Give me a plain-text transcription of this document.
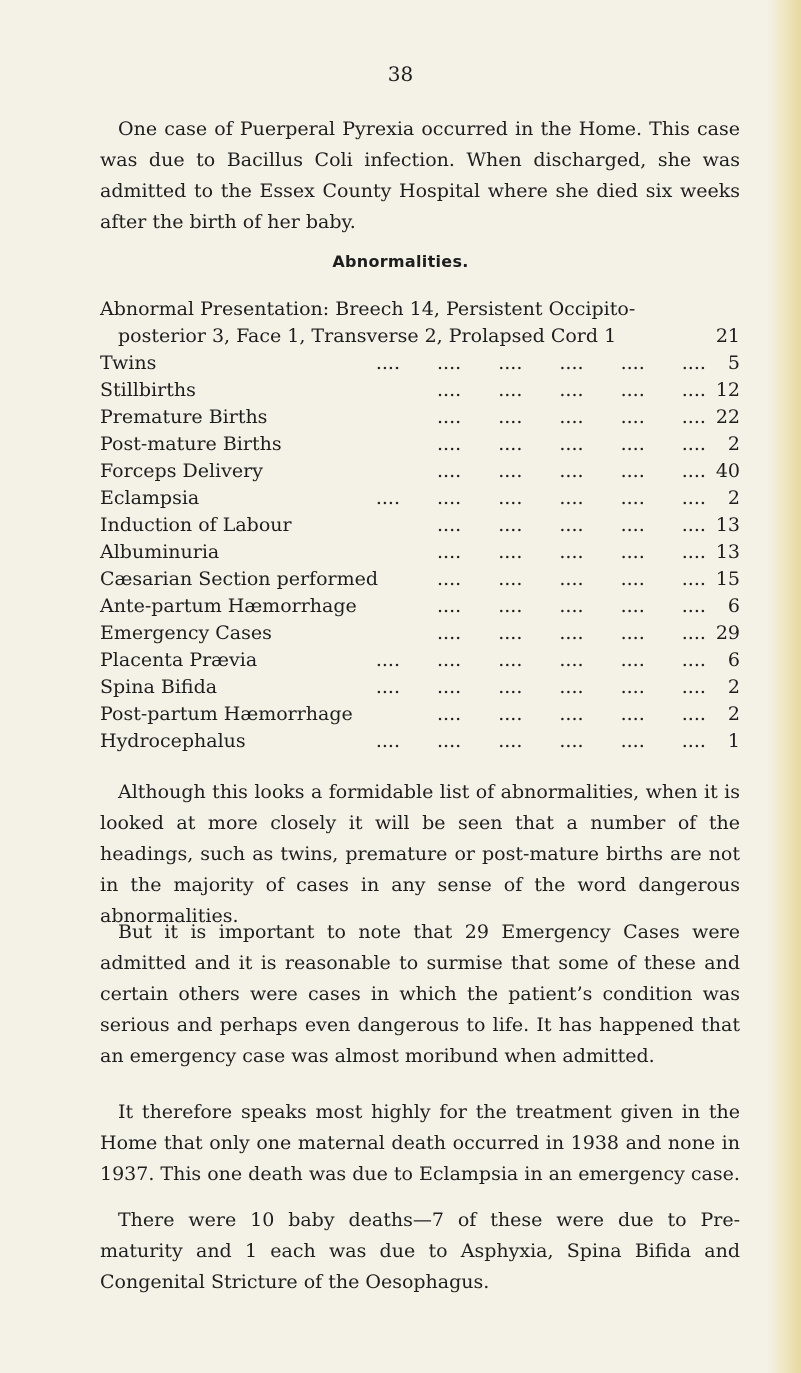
38

One case of Puerperal Pyrexia occurred in the Home. This case was due to Bacillus Coli infection. When discharged, she was admitted to the Essex County Hospital where she died six weeks after the birth of her baby.

Abnormalities.
Abnormal Presentation: Breech 14, Persistent Occipito-
posterior 3, Face 1, Transverse 2, Prolapsed Cord 1	21
Twins	....	....	....	....	....	.... 5
Stillbirths	....	....	....	....	.... 12
Premature Births	....	....	....	....	.... 22
Post-mature Births	....	....	....	....	.... 2
Forceps Delivery	....	....	....	....	.... 40
Eclampsia	....	....	....	....	....	.... 2
Induction of Labour	....	....	....	....	.... 13
Albuminuria	....	....	....	....	.... 13
Cæsarian Section performed	....	....	....	....	.... 15
Ante-partum Hæmorrhage	....	....	....	....	.... 6
Emergency Cases	....	....	....	....	.... 29
Placenta Prævia	....	....	....	....	....	.... 6
Spina Bifida	....	....	....	....	....	.... 2
Post-partum Hæmorrhage	....	....	....	....	.... 2
Hydrocephalus	....	....	....	....	....	.... 1

Although this looks a formidable list of abnormalities, when it is looked at more closely it will be seen that a number of the headings, such as twins, premature or post-mature births are not in the majority of cases in any sense of the word dangerous abnormalities.

But it is important to note that 29 Emergency Cases were admitted and it is reasonable to surmise that some of these and certain others were cases in which the patient’s condition was serious and perhaps even dangerous to life. It has happened that an emergency case was almost moribund when admitted.

It therefore speaks most highly for the treatment given in the Home that only one maternal death occurred in 1938 and none in 1937. This one death was due to Eclampsia in an emergency case.

There were 10 baby deaths—7 of these were due to Pre-maturity and 1 each was due to Asphyxia, Spina Bifida and Congenital Stricture of the Oesophagus.
